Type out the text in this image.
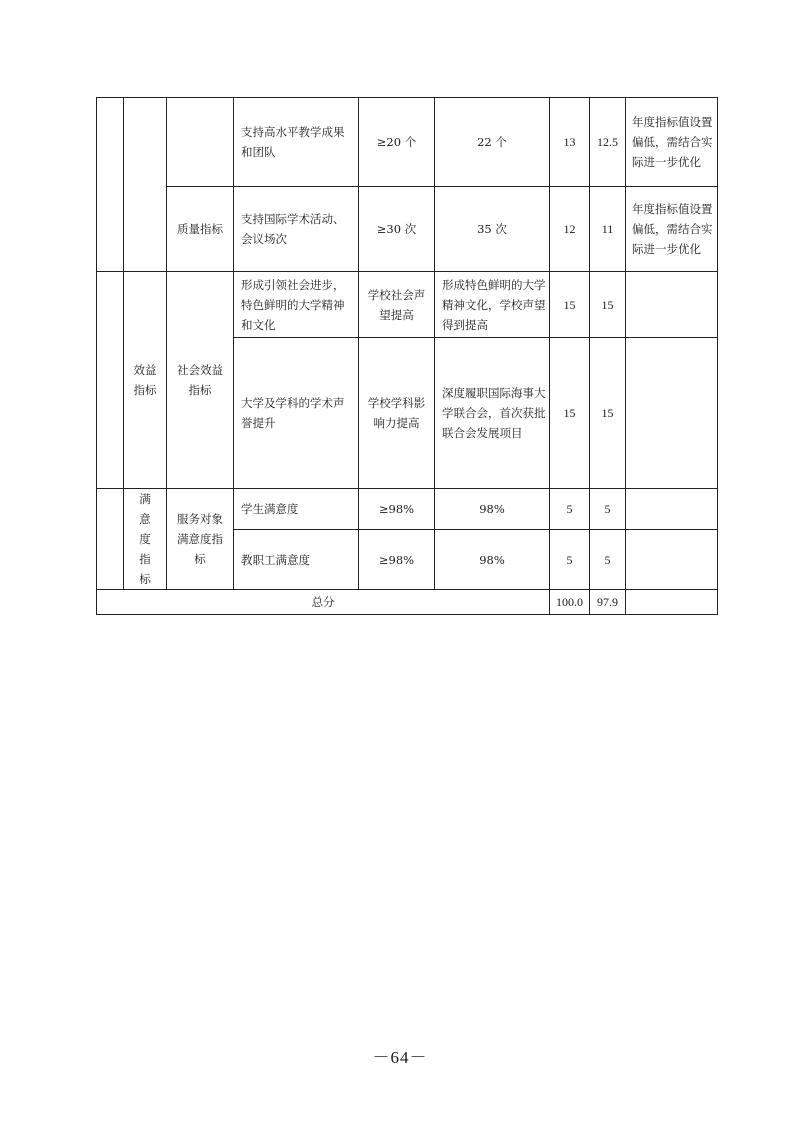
			支持高水平教学成果和团队	≥20 个	22 个	13	12.5	年度指标值设置偏低，需结合实际进一步优化
		质量指标	支持国际学术活动、会议场次	≥30 次	35 次	12	11	年度指标值设置偏低，需结合实际进一步优化
	效益指标	社会效益指标	形成引领社会进步，特色鲜明的大学精神和文化	学校社会声望提高	形成特色鲜明的大学精神文化，学校声望得到提高	15	15	
			大学及学科的学术声誉提升	学校学科影响力提高	深度履职国际海事大学联合会，首次获批联合会发展项目	15	15	
	满意度指标	服务对象满意度指标	学生满意度	≥98%	98%	5	5	
			教职工满意度	≥98%	98%	5	5	
总分						100.0	97.9	
－64－
